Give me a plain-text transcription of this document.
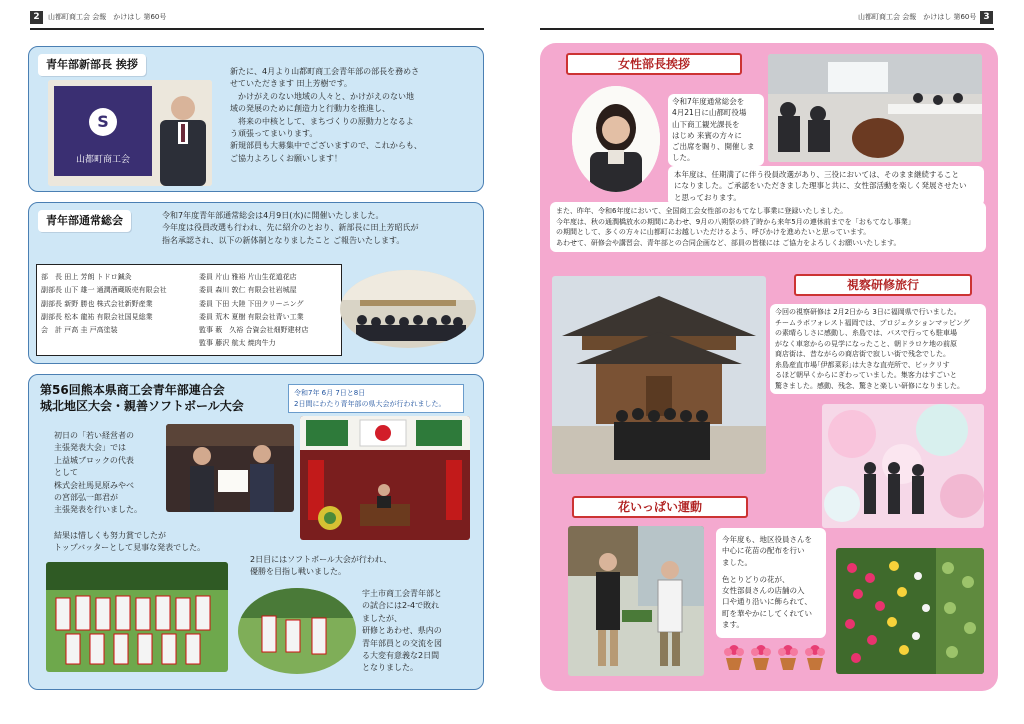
2	山都町商工会 会報　かけはし 第60号
青年部新部長 挨拶
S
山都町商工会
新たに、4月より山都町商工会青年部の部長を務めさ
せていただきます 田上芳樹です。
　かけがえのない地域の人々と、かけがえのない地
域の発展のために創造力と行動力を推進し、
　将来の中核として、まちづくりの原動力となるよ
う頑張ってまいります。
新規部員も大募集中でございますので、これからも、
ご協力よろしくお願いします！
青年部通常総会	令和7年度青年部通常総会は4月9日(水)に開催いたしました。
今年度は役員改選も行われ、先に紹介のとおり、新部長に田上芳昭氏が
指名承認され、以下の新体制となりましたこと ご報告いたします。
部　長 田上 芳朗 トドロ鍼灸
副部長 山下 雄一 通潤酒蔵販売有限会社
副部長 新野 勝也 株式会社新野産業
副部長 松本 龍祐 有限会社国見総業
会　計 戸高 圭 戸高塗装
委員 片山 雅裕 片山生花道花店
委員 森川 敦仁 有限会社岩城屋
委員 下田 大陸 下田クリーニング
委員 荒木 夏樹 有限会社青い工業
監事 薮　久裕 合資会社畑野建材店
監事 藤沢 航太 焼肉牛力
第56回熊本県商工会青年部連合会
城北地区大会・親善ソフトボール大会
令和7年 6月 7日と8日
2日間にわたり青年部の県大会が行われました。
初日の「若い経営者の
主張発表大会」では
上益城ブロックの代表
として
株式会社馬見原みやべ
の宮部弘一郎君が
主張発表を行いました。
結果は惜しくも努力賞でしたが
トップバッターとして見事な発表でした。
2日目にはソフトボール大会が行われ、
優勝を目指し戦いました。
宇土市商工会青年部と
の試合には2-4で敗れ
ましたが、
研修とあわせ、県内の
青年部員との交流を図
る大変有意義な2日間
となりました。
山都町商工会 会報　かけはし 第60号 3
女性部長挨拶
令和7年度通常総会を
4月21日に山都町役場
山下商工観光課長を
はじめ 来賓の方々に
ご出席を賜り、開催しま
した。
本年度は、任期満了に伴う役員改選があり、三役においては、そのまま継続すること
になりました。ご承認をいただきました理事と共に、女性部活動を楽しく発展させたい
と思っております。
また、昨年、令和6年度において、全国商工会女性部のおもてなし事業に登録いたしました。
今年度は、秋の通潤橋放水の期間にあわせ、9月の八朔祭の終了時から来年5月の連休前までを「おもてなし事業」
の期間として、多くの方々に山都町にお越しいただけるよう、呼びかけを進めたいと思っています。
あわせて、研修会や講習会、青年部との合同企画など、部員の皆様には ご協力をよろしくお願いいたします。
視察研修旅行
今回の視察研修は 2月2日から 3日に福岡県で行いました。
チームラボフォレスト福岡では、プロジェクションマッピング
の素晴らしさに感動し、糸島では、バスで行っても駐車場
がなく車窓からの見学になったこと、朝ドラロケ地の前原
商店街は、昔ながらの商店街で寂しい街で残念でした。
糸島産直市場｢伊都菜彩｣は大きな直売所で、ビックリす
るほど朝早くからにぎわっていました。集客力はすごいと
驚きました。感動、残念、驚きと楽しい研修になりました。
花いっぱい運動
今年度も、地区役員さんを
中心に花苗の配布を行い
ました。
色とりどりの花が、
女性部員さんの店舗の入
口や通り沿いに飾られて、
町を華やかにしてくれてい
ます。
